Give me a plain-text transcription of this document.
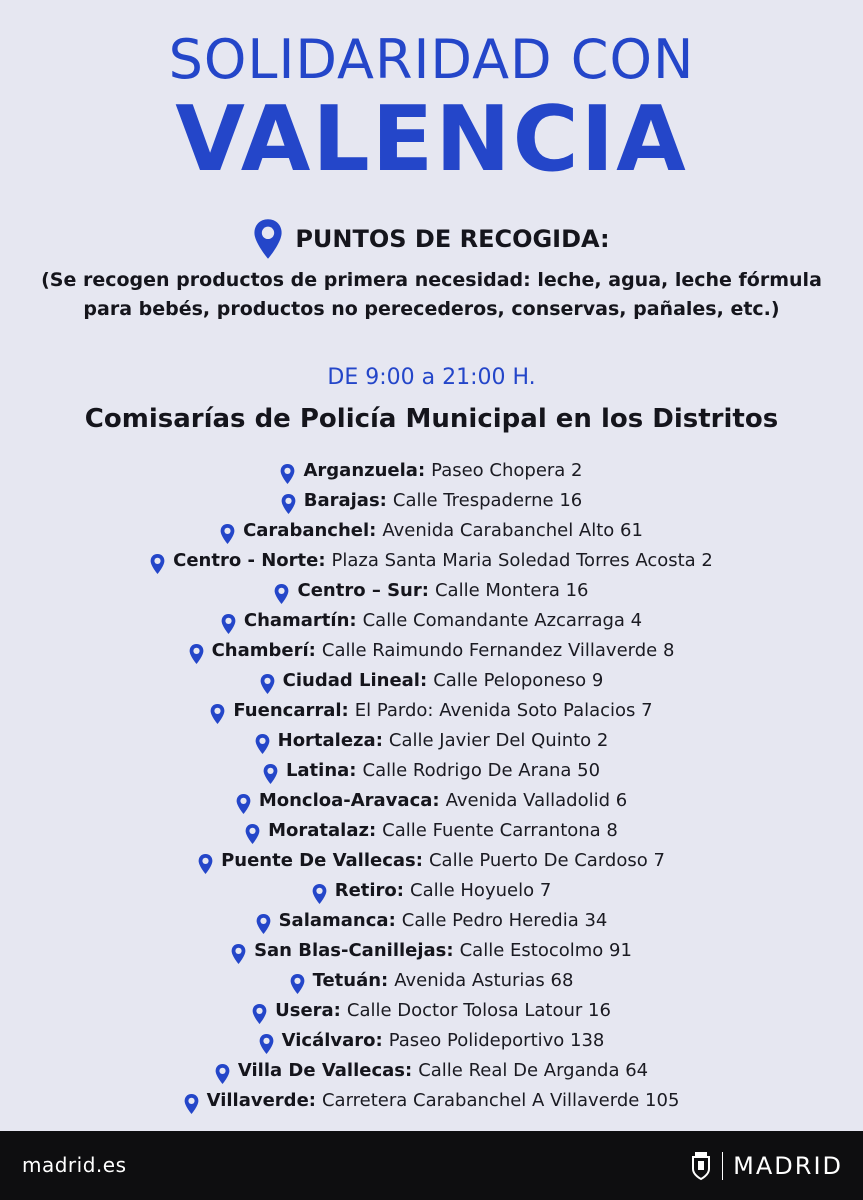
SOLIDARIDAD CON
VALENCIA
PUNTOS DE RECOGIDA:
(Se recogen productos de primera necesidad: leche, agua, leche fórmula para bebés, productos no perecederos, conservas, pañales, etc.)
DE 9:00 a 21:00 H.
Comisarías de Policía Municipal en los Distritos
Arganzuela : Paseo Chopera 2
Barajas : Calle Trespaderne 16
Carabanchel : Avenida Carabanchel Alto 61
Centro - Norte : Plaza Santa Maria Soledad Torres Acosta 2
Centro – Sur : Calle Montera 16
Chamartín : Calle Comandante Azcarraga 4
Chamberí : Calle Raimundo Fernandez Villaverde 8
Ciudad Lineal : Calle Peloponeso 9
Fuencarral : El Pardo: Avenida Soto Palacios 7
Hortaleza : Calle Javier Del Quinto 2
Latina : Calle Rodrigo De Arana 50
Moncloa-Aravaca : Avenida Valladolid 6
Moratalaz : Calle Fuente Carrantona 8
Puente De Vallecas : Calle Puerto De Cardoso 7
Retiro : Calle Hoyuelo 7
Salamanca : Calle Pedro Heredia 34
San Blas-Canillejas : Calle Estocolmo 91
Tetuán : Avenida Asturias 68
Usera : Calle Doctor Tolosa Latour 16
Vicálvaro : Paseo Polideportivo 138
Villa De Vallecas : Calle Real De Arganda 64
Villaverde : Carretera Carabanchel A Villaverde 105
madrid.es	MADRID
